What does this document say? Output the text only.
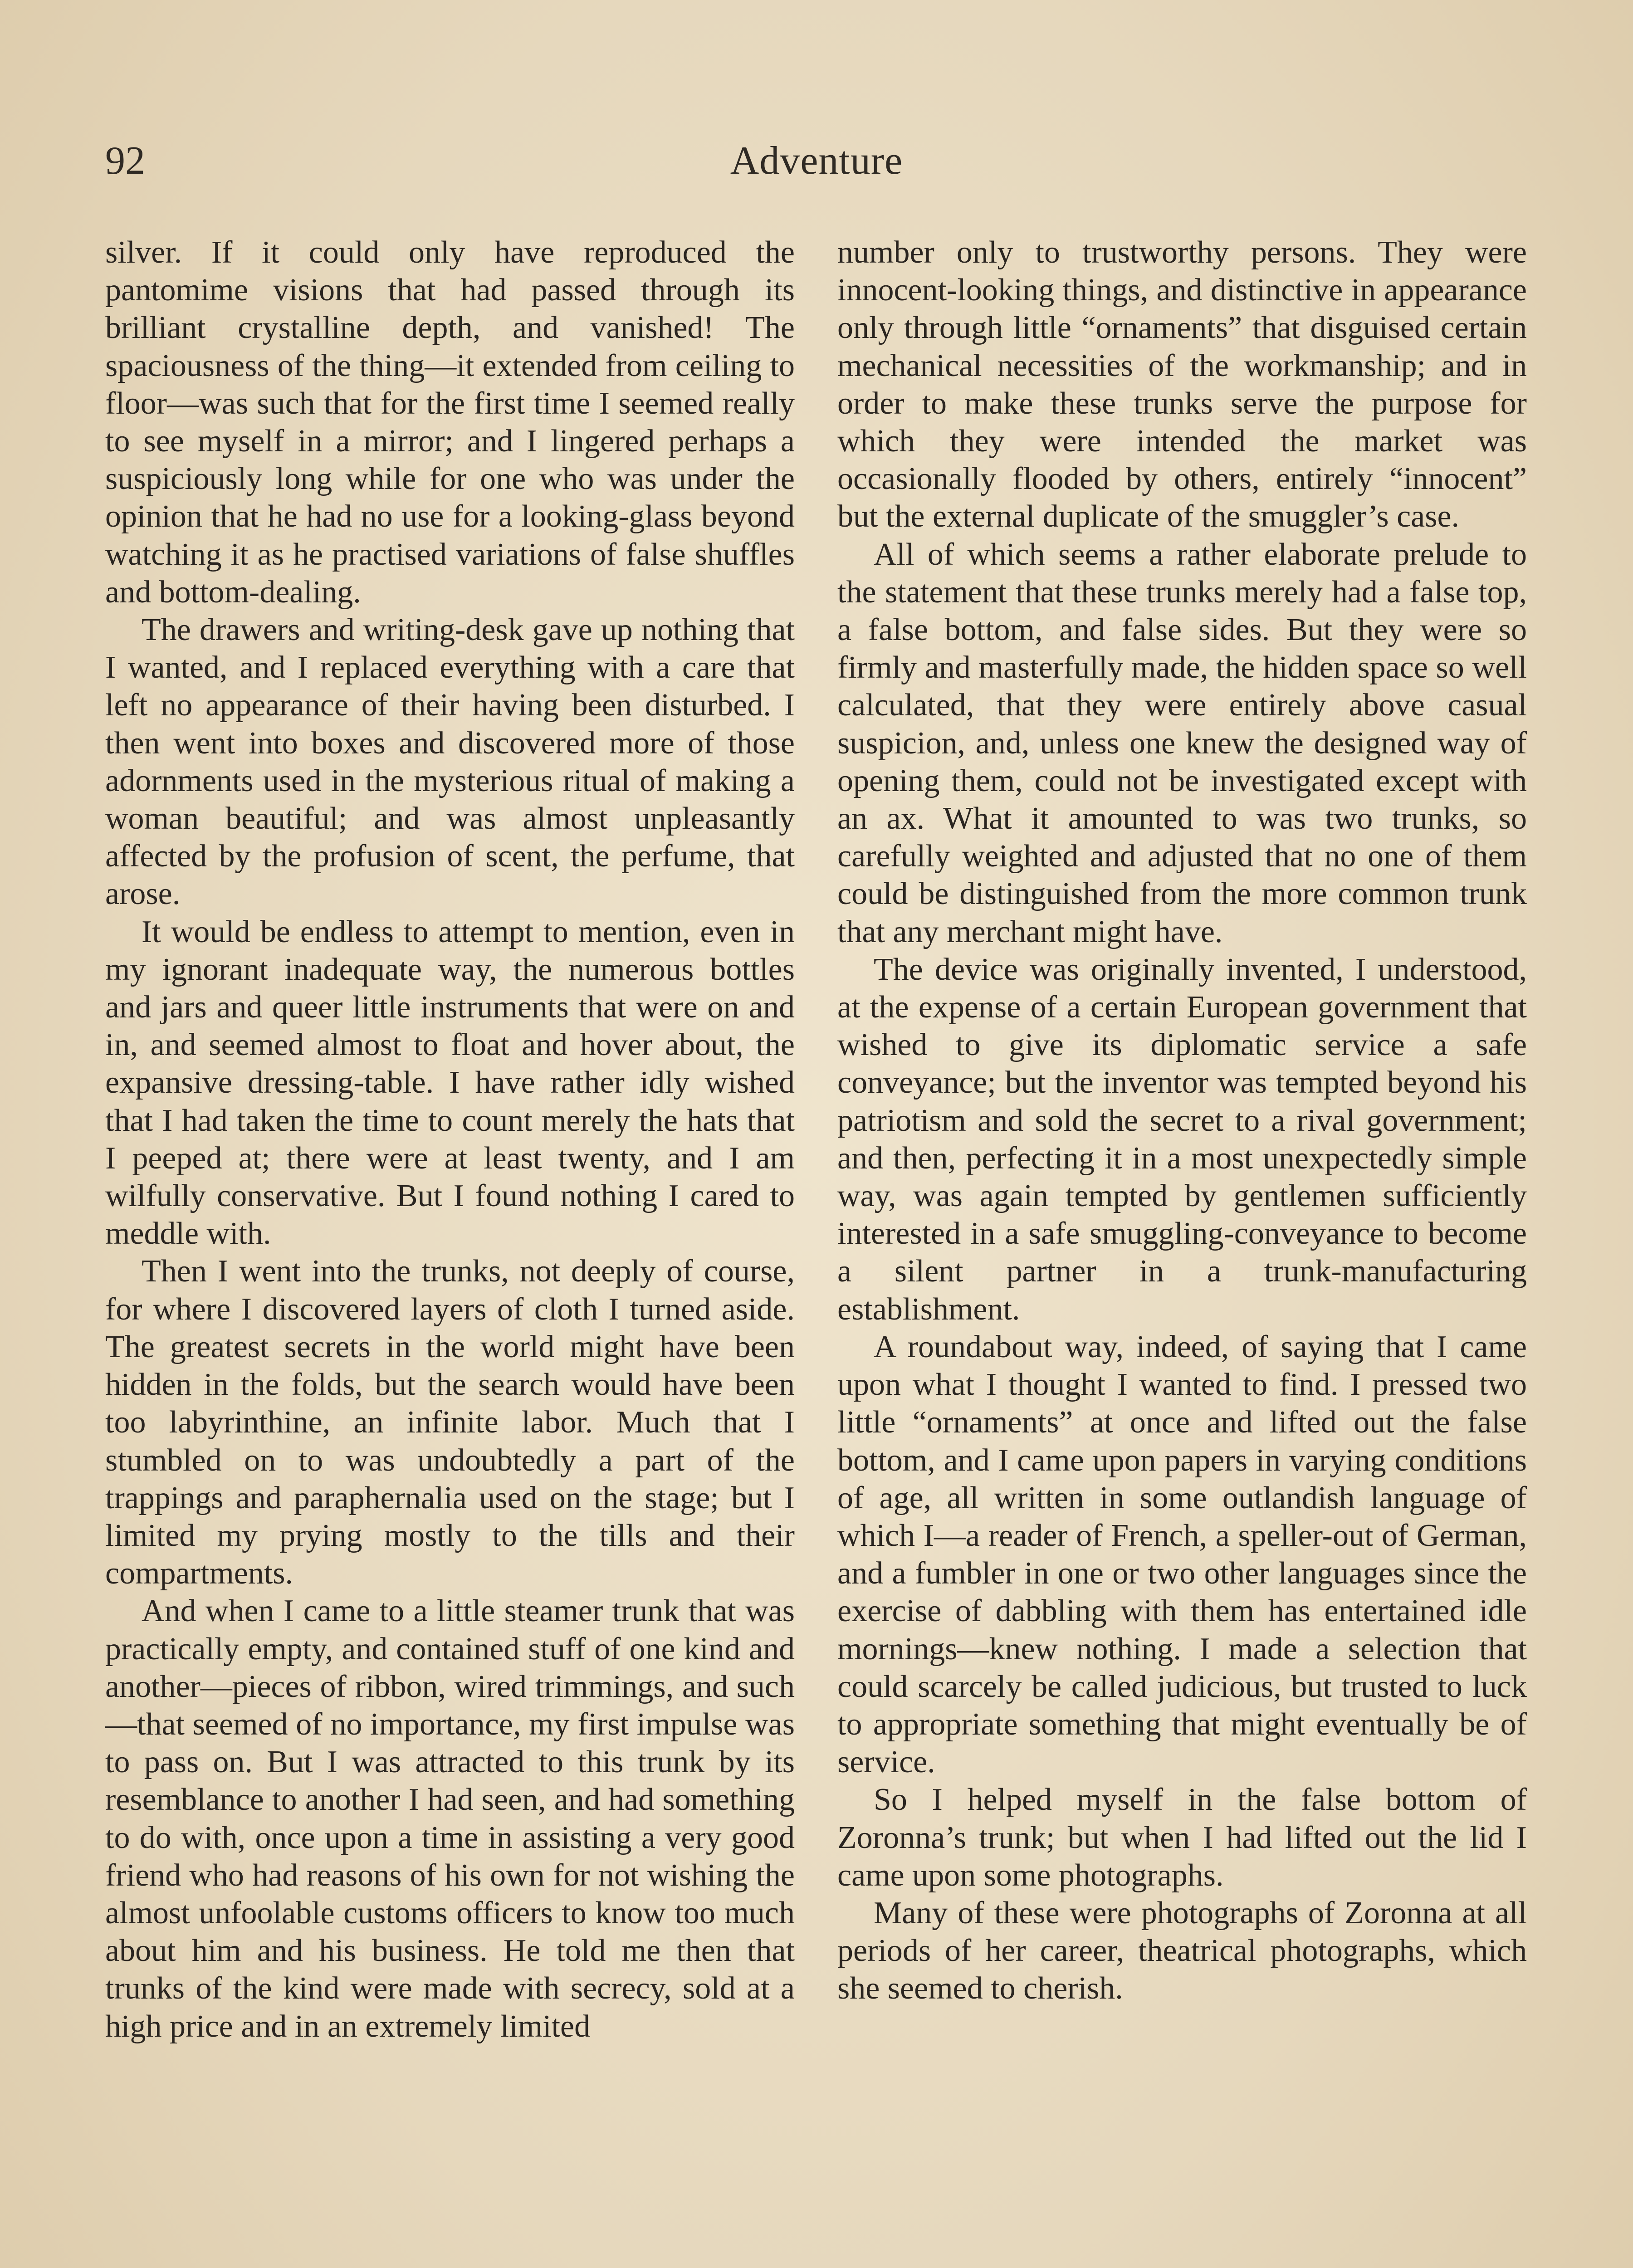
92	Adventure

silver. If it could only have reproduced the pantomime visions that had passed through its brilliant crystalline depth, and vanished! The spaciousness of the thing—it extended from ceiling to floor—was such that for the first time I seemed really to see myself in a mirror; and I lingered perhaps a suspiciously long while for one who was under the opinion that he had no use for a looking-glass beyond watching it as he practised variations of false shuffles and bottom-dealing.

The drawers and writing-desk gave up nothing that I wanted, and I replaced everything with a care that left no appearance of their having been disturbed. I then went into boxes and discovered more of those adornments used in the mysterious ritual of making a woman beautiful; and was almost unpleasantly affected by the profusion of scent, the perfume, that arose.

It would be endless to attempt to mention, even in my ignorant inadequate way, the numerous bottles and jars and queer little instruments that were on and in, and seemed almost to float and hover about, the expansive dressing-table. I have rather idly wished that I had taken the time to count merely the hats that I peeped at; there were at least twenty, and I am wilfully conservative. But I found nothing I cared to meddle with.

Then I went into the trunks, not deeply of course, for where I discovered layers of cloth I turned aside. The greatest secrets in the world might have been hidden in the folds, but the search would have been too labyrinthine, an infinite labor. Much that I stumbled on to was undoubtedly a part of the trappings and paraphernalia used on the stage; but I limited my prying mostly to the tills and their compartments.

And when I came to a little steamer trunk that was practically empty, and contained stuff of one kind and another—pieces of ribbon, wired trimmings, and such—that seemed of no importance, my first impulse was to pass on. But I was attracted to this trunk by its resemblance to another I had seen, and had something to do with, once upon a time in assisting a very good friend who had reasons of his own for not wishing the almost unfoolable customs officers to know too much about him and his business. He told me then that trunks of the kind were made with secrecy, sold at a high price and in an extremely limited

number only to trustworthy persons. They were innocent-looking things, and distinctive in appearance only through little “ornaments” that disguised certain mechanical necessities of the workmanship; and in order to make these trunks serve the purpose for which they were intended the market was occasionally flooded by others, entirely “innocent” but the external duplicate of the smuggler’s case.

All of which seems a rather elaborate prelude to the statement that these trunks merely had a false top, a false bottom, and false sides. But they were so firmly and masterfully made, the hidden space so well calculated, that they were entirely above casual suspicion, and, unless one knew the designed way of opening them, could not be investigated except with an ax. What it amounted to was two trunks, so carefully weighted and adjusted that no one of them could be distinguished from the more common trunk that any merchant might have.

The device was originally invented, I understood, at the expense of a certain European government that wished to give its diplomatic service a safe conveyance; but the inventor was tempted beyond his patriotism and sold the secret to a rival government; and then, perfecting it in a most unexpectedly simple way, was again tempted by gentlemen sufficiently interested in a safe smuggling-conveyance to become a silent partner in a trunk-manufacturing establishment.

A roundabout way, indeed, of saying that I came upon what I thought I wanted to find. I pressed two little “ornaments” at once and lifted out the false bottom, and I came upon papers in varying conditions of age, all written in some outlandish language of which I—a reader of French, a speller-out of German, and a fumbler in one or two other languages since the exercise of dabbling with them has entertained idle mornings—knew nothing. I made a selection that could scarcely be called judicious, but trusted to luck to appropriate something that might eventually be of service.

So I helped myself in the false bottom of Zoronna’s trunk; but when I had lifted out the lid I came upon some photographs.

Many of these were photographs of Zoronna at all periods of her career, theatrical photographs, which she seemed to cherish.
